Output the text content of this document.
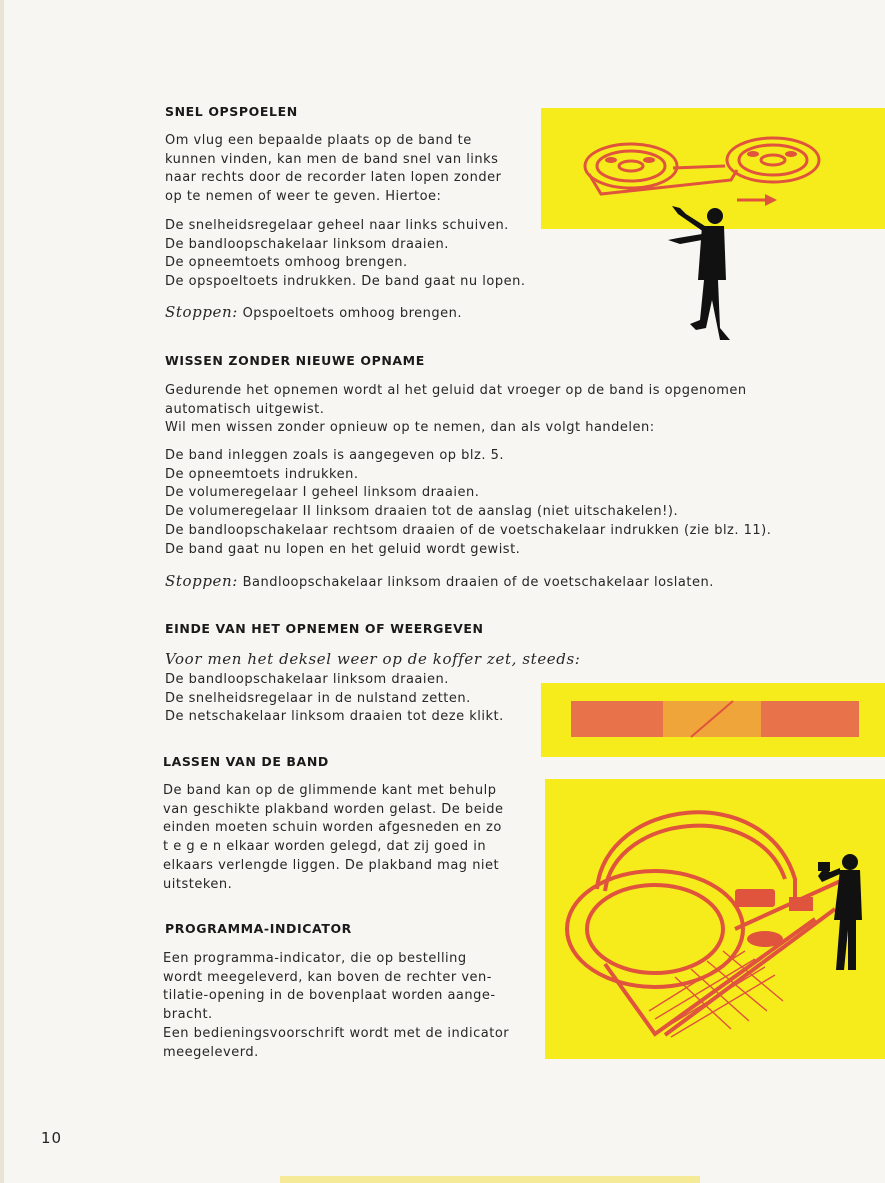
SNEL OPSPOELEN
Om vlug een bepaalde plaats op de band te
kunnen vinden, kan men de band snel van links
naar rechts door de recorder laten lopen zonder
op te nemen of weer te geven. Hiertoe:
De snelheidsregelaar geheel naar links schuiven.
De bandloopschakelaar linksom draaien.
De opneemtoets omhoog brengen.
De opspoeltoets indrukken. De band gaat nu lopen.
Stoppen: Opspoeltoets omhoog brengen.
WISSEN ZONDER NIEUWE OPNAME
Gedurende het opnemen wordt al het geluid dat vroeger op de band is opgenomen
automatisch uitgewist.
Wil men wissen zonder opnieuw op te nemen, dan als volgt handelen:
De band inleggen zoals is aangegeven op blz. 5.
De opneemtoets indrukken.
De volumeregelaar I geheel linksom draaien.
De volumeregelaar II linksom draaien tot de aanslag (niet uitschakelen!).
De bandloopschakelaar rechtsom draaien of de voetschakelaar indrukken (zie blz. 11).
De band gaat nu lopen en het geluid wordt gewist.
Stoppen: Bandloopschakelaar linksom draaien of de voetschakelaar loslaten.
EINDE VAN HET OPNEMEN OF WEERGEVEN
Voor men het deksel weer op de koffer zet, steeds:
De bandloopschakelaar linksom draaien.
De snelheidsregelaar in de nulstand zetten.
De netschakelaar linksom draaien tot deze klikt.
LASSEN VAN DE BAND
De band kan op de glimmende kant met behulp
van geschikte plakband worden gelast. De beide
einden moeten schuin worden afgesneden en zo
t e g e n elkaar worden gelegd, dat zij goed in
elkaars verlengde liggen. De plakband mag niet
uitsteken.
PROGRAMMA-INDICATOR
Een programma-indicator, die op bestelling
wordt meegeleverd, kan boven de rechter ven-
tilatie-opening in de bovenplaat worden aange-
bracht.
Een bedieningsvoorschrift wordt met de indicator
meegeleverd.
10
